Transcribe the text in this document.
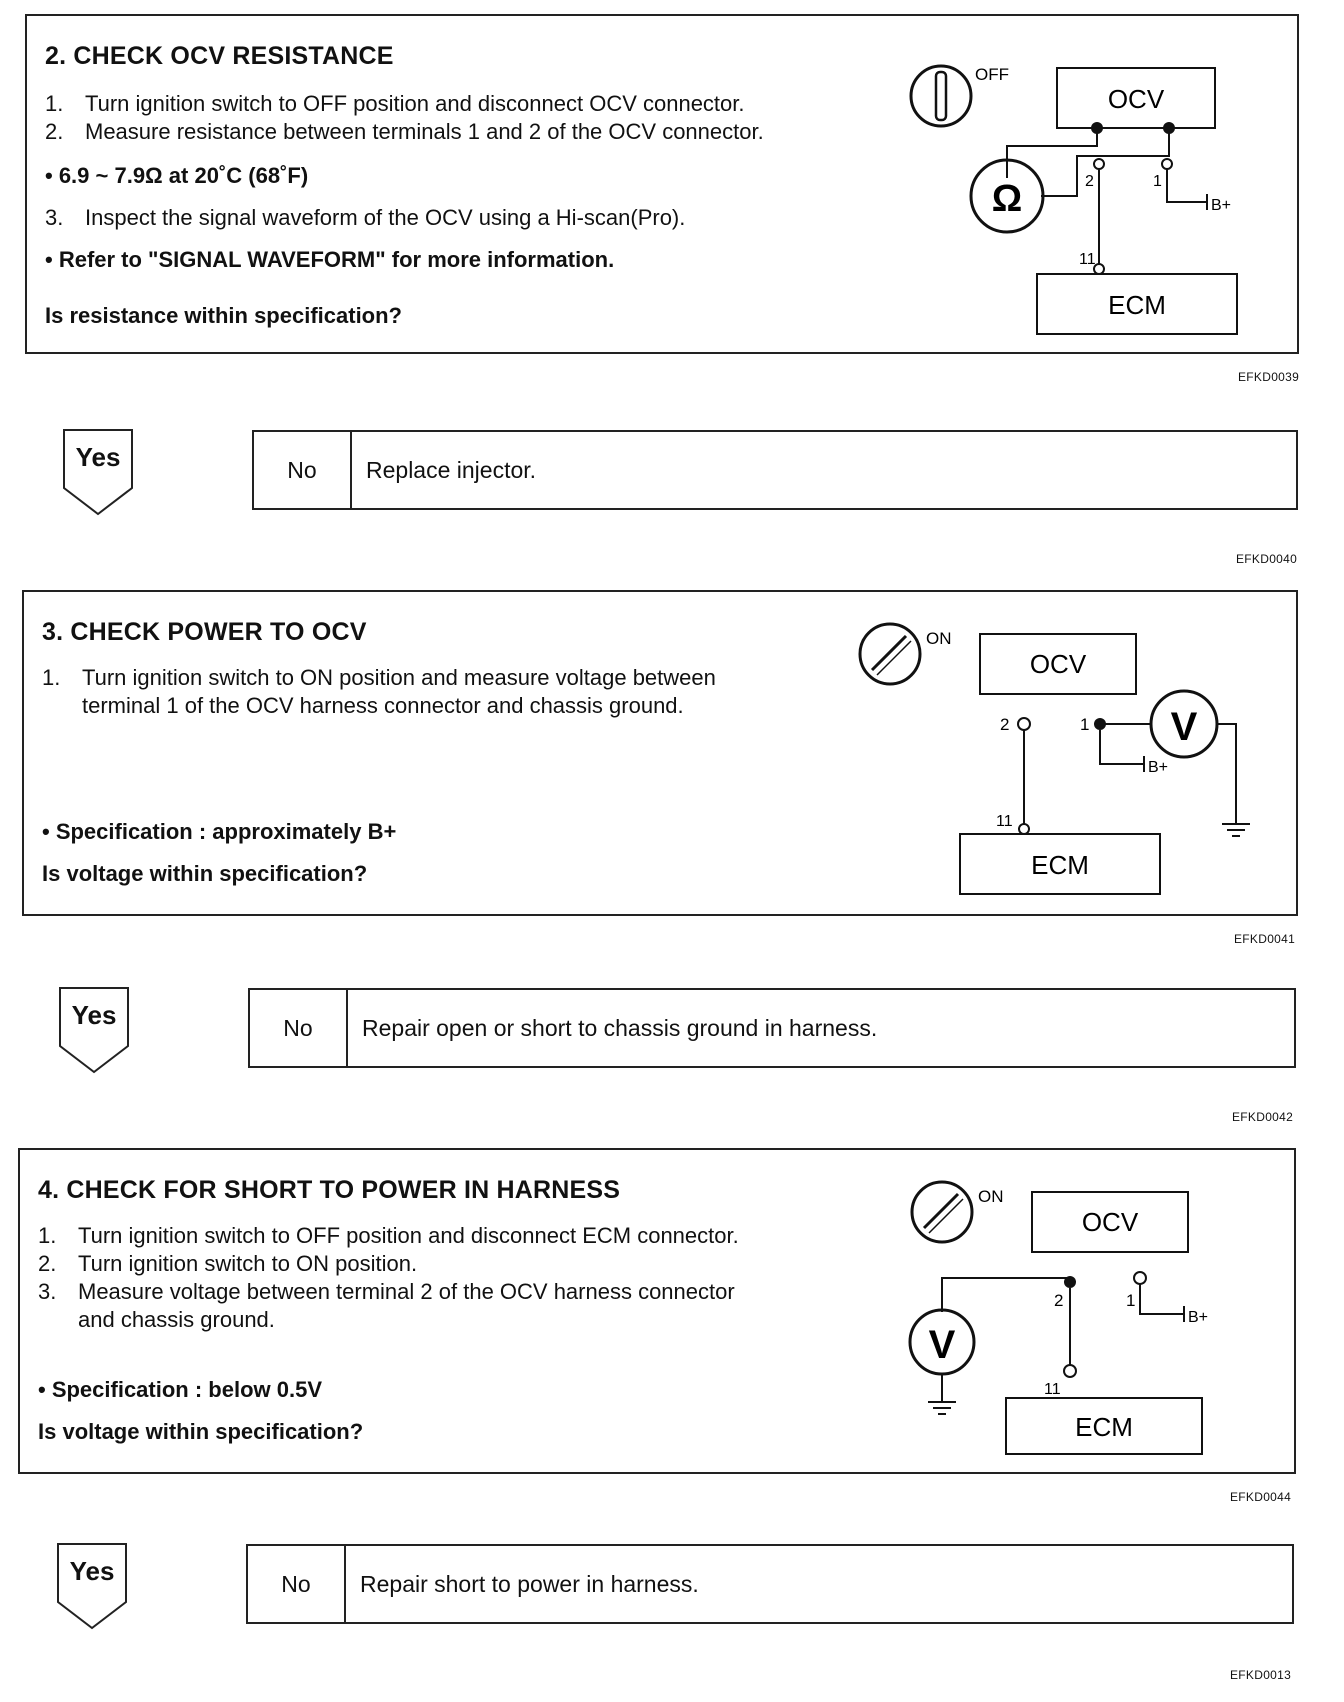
2. CHECK OCV RESISTANCE
1. Turn ignition switch to OFF position and disconnect OCV connector.
2. Measure resistance between terminals 1 and 2 of the OCV connector.
• 6.9 ~ 7.9Ω at 20˚C (68˚F)
3. Inspect the signal waveform of the OCV using a Hi-scan(Pro).
• Refer to "SIGNAL WAVEFORM" for more information.
Is resistance within specification?
OFF
OCV
Ω	2	1
B+
11
ECM
EFKD0039
Yes	No	Replace injector.
EFKD0040
3. CHECK POWER TO OCV
1. Turn ignition switch to ON position and measure voltage between
terminal 1 of the OCV harness connector and chassis ground.
• Specification : approximately B+
Is voltage within specification?
ON
OCV
2
11
1
B+
V
ECM
EFKD0041
Yes	No	Repair open or short to chassis ground in harness.
EFKD0042
4. CHECK FOR SHORT TO POWER IN HARNESS
1. Turn ignition switch to OFF position and disconnect ECM connector.
2. Turn ignition switch to ON position.
3. Measure voltage between terminal 2 of the OCV harness connector
and chassis ground.
• Specification : below 0.5V
Is voltage within specification?
ON
OCV
2
11
V
1
B+
ECM
EFKD0044
Yes	No	Repair short to power in harness.
EFKD0013
